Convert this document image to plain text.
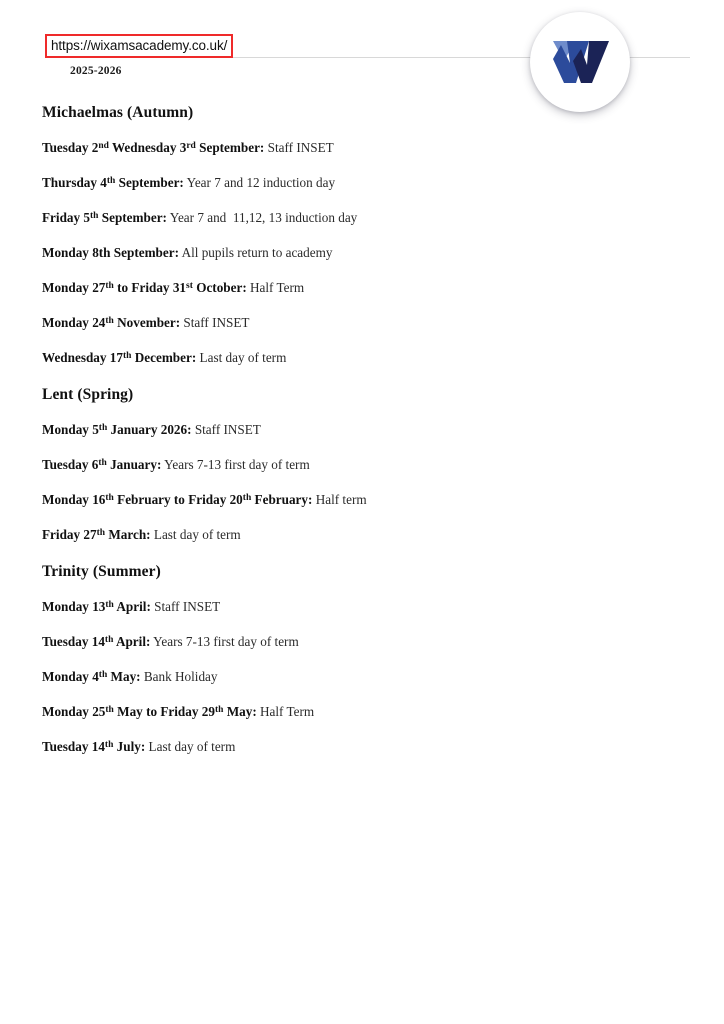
https://wixamsacademy.co.uk/
2025-2026
Michaelmas (Autumn)
Tuesday 2nd Wednesday 3rd September: Staff INSET
Thursday 4th September: Year 7 and 12 induction day
Friday 5th September: Year 7 and  11,12, 13 induction day
Monday 8th September: All pupils return to academy
Monday 27th to Friday 31st October: Half Term
Monday 24th November: Staff INSET
Wednesday 17th December: Last day of term
Lent (Spring)
Monday 5th January 2026: Staff INSET
Tuesday 6th January: Years 7-13 first day of term
Monday 16th February to Friday 20th February: Half term
Friday 27th March: Last day of term
Trinity (Summer)
Monday 13th April: Staff INSET
Tuesday 14th April: Years 7-13 first day of term
Monday 4th May: Bank Holiday
Monday 25th May to Friday 29th May: Half Term
Tuesday 14th July: Last day of term
